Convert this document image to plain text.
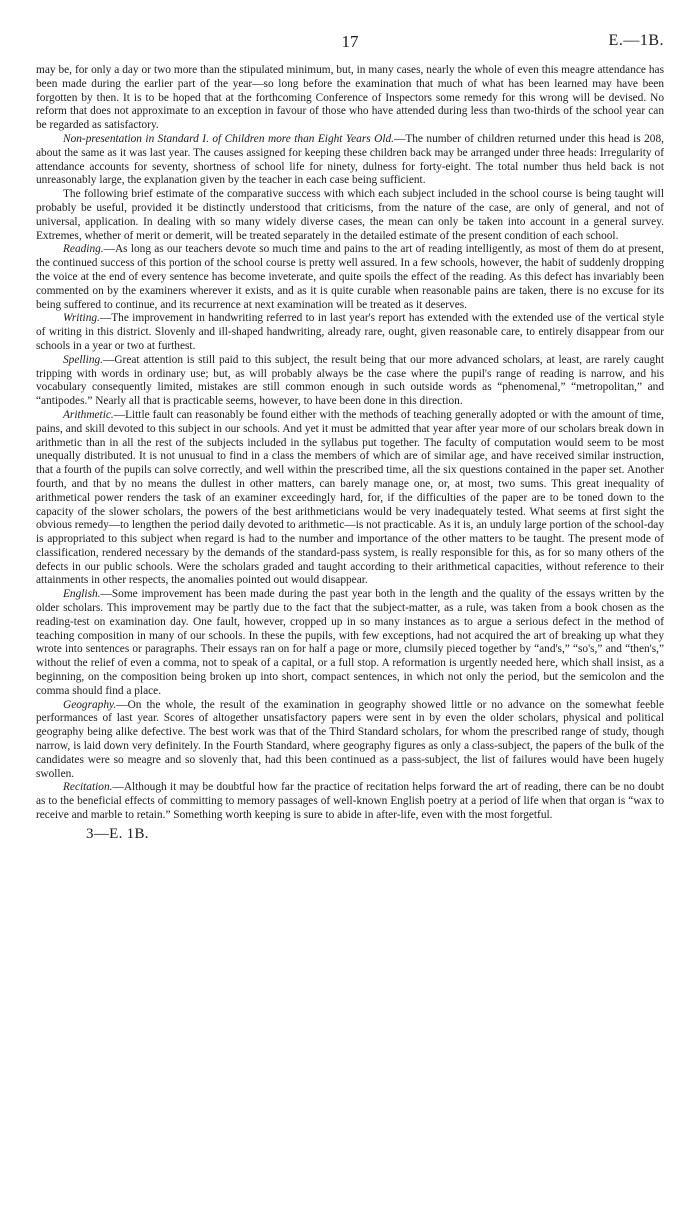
17	E.—1B.

may be, for only a day or two more than the stipulated minimum, but, in many cases, nearly the whole of even this meagre attendance has been made during the earlier part of the year—so long before the examination that much of what has been learned may have been forgotten by then. It is to be hoped that at the forthcoming Conference of Inspectors some remedy for this wrong will be devised. No reform that does not approximate to an exception in favour of those who have attended during less than two-thirds of the school year can be regarded as satisfactory.

Non-presentation in Standard I. of Children more than Eight Years Old.—The number of children returned under this head is 208, about the same as it was last year. The causes assigned for keeping these children back may be arranged under three heads: Irregularity of attendance accounts for seventy, shortness of school life for ninety, dulness for forty-eight. The total number thus held back is not unreasonably large, the explanation given by the teacher in each case being sufficient.

The following brief estimate of the comparative success with which each subject included in the school course is being taught will probably be useful, provided it be distinctly understood that criticisms, from the nature of the case, are only of general, and not of universal, application. In dealing with so many widely diverse cases, the mean can only be taken into account in a general survey. Extremes, whether of merit or demerit, will be treated separately in the detailed estimate of the present condition of each school.

Reading.—As long as our teachers devote so much time and pains to the art of reading intelligently, as most of them do at present, the continued success of this portion of the school course is pretty well assured. In a few schools, however, the habit of suddenly dropping the voice at the end of every sentence has become inveterate, and quite spoils the effect of the reading. As this defect has invariably been commented on by the examiners wherever it exists, and as it is quite curable when reasonable pains are taken, there is no excuse for its being suffered to continue, and its recurrence at next examination will be treated as it deserves.

Writing.—The improvement in handwriting referred to in last year's report has extended with the extended use of the vertical style of writing in this district. Slovenly and ill-shaped handwriting, already rare, ought, given reasonable care, to entirely disappear from our schools in a year or two at furthest.

Spelling.—Great attention is still paid to this subject, the result being that our more advanced scholars, at least, are rarely caught tripping with words in ordinary use; but, as will probably always be the case where the pupil's range of reading is narrow, and his vocabulary consequently limited, mistakes are still common enough in such outside words as “phenomenal,” “metropolitan,” and “antipodes.” Nearly all that is practicable seems, however, to have been done in this direction.

Arithmetic.—Little fault can reasonably be found either with the methods of teaching generally adopted or with the amount of time, pains, and skill devoted to this subject in our schools. And yet it must be admitted that year after year more of our scholars break down in arithmetic than in all the rest of the subjects included in the syllabus put together. The faculty of computation would seem to be most unequally distributed. It is not unusual to find in a class the members of which are of similar age, and have received similar instruction, that a fourth of the pupils can solve correctly, and well within the prescribed time, all the six questions contained in the paper set. Another fourth, and that by no means the dullest in other matters, can barely manage one, or, at most, two sums. This great inequality of arithmetical power renders the task of an examiner exceedingly hard, for, if the difficulties of the paper are to be toned down to the capacity of the slower scholars, the powers of the best arithmeticians would be very inadequately tested. What seems at first sight the obvious remedy—to lengthen the period daily devoted to arithmetic—is not practicable. As it is, an unduly large portion of the school-day is appropriated to this subject when regard is had to the number and importance of the other matters to be taught. The present mode of classification, rendered necessary by the demands of the standard-pass system, is really responsible for this, as for so many others of the defects in our public schools. Were the scholars graded and taught according to their arithmetical capacities, without reference to their attainments in other respects, the anomalies pointed out would disappear.

English.—Some improvement has been made during the past year both in the length and the quality of the essays written by the older scholars. This improvement may be partly due to the fact that the subject-matter, as a rule, was taken from a book chosen as the reading-test on examination day. One fault, however, cropped up in so many instances as to argue a serious defect in the method of teaching composition in many of our schools. In these the pupils, with few exceptions, had not acquired the art of breaking up what they wrote into sentences or paragraphs. Their essays ran on for half a page or more, clumsily pieced together by “and's,” “so's,” and “then's,” without the relief of even a comma, not to speak of a capital, or a full stop. A reformation is urgently needed here, which shall insist, as a beginning, on the composition being broken up into short, compact sentences, in which not only the period, but the semicolon and the comma should find a place.

Geography.—On the whole, the result of the examination in geography showed little or no advance on the somewhat feeble performances of last year. Scores of altogether unsatisfactory papers were sent in by even the older scholars, physical and political geography being alike defective. The best work was that of the Third Standard scholars, for whom the prescribed range of study, though narrow, is laid down very definitely. In the Fourth Standard, where geography figures as only a class-subject, the papers of the bulk of the candidates were so meagre and so slovenly that, had this been continued as a pass-subject, the list of failures would have been hugely swollen.

Recitation.—Although it may be doubtful how far the practice of recitation helps forward the art of reading, there can be no doubt as to the beneficial effects of committing to memory passages of well-known English poetry at a period of life when that organ is “wax to receive and marble to retain.” Something worth keeping is sure to abide in after-life, even with the most forgetful.

3—E. 1B.
